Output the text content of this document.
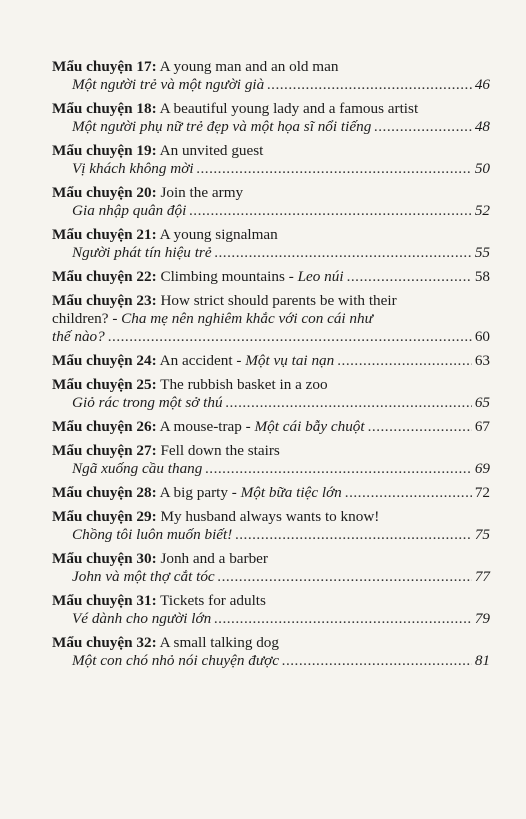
Mẩu chuyện 17: A young man and an old man
Một người trẻ và một người già .....	46
Mẩu chuyện 18: A beautiful young lady and a famous artist
Một người phụ nữ trẻ đẹp và một họa sĩ nổi tiếng .....	48
Mẩu chuyện 19: An unvited guest
Vị khách không mời .....	50
Mẩu chuyện 20: Join the army
Gia nhập quân đội .....	52
Mẩu chuyện 21: A young signalman
Người phát tín hiệu trẻ .....	55
Mẩu chuyện 22: Climbing mountains - Leo núi .....	58
Mẩu chuyện 23: How strict should parents be with their
children? - Cha mẹ nên nghiêm khắc với con cái như
thế nào? .....	60
Mẩu chuyện 24: An accident - Một vụ tai nạn .....	63
Mẩu chuyện 25: The rubbish basket in a zoo
Giỏ rác trong một sở thú .....	65
Mẩu chuyện 26: A mouse-trap - Một cái bẫy chuột .....	67
Mẩu chuyện 27: Fell down the stairs
Ngã xuống cầu thang .....	69
Mẩu chuyện 28: A big party - Một bữa tiệc lớn .....	72
Mẩu chuyện 29: My husband always wants to know!
Chồng tôi luôn muốn biết! .....	75
Mẩu chuyện 30: Jonh and a barber
John và một thợ cắt tóc .....	77
Mẩu chuyện 31: Tickets for adults
Vé dành cho người lớn .....	79
Mẩu chuyện 32: A small talking dog
Một con chó nhỏ nói chuyện được .....	81
